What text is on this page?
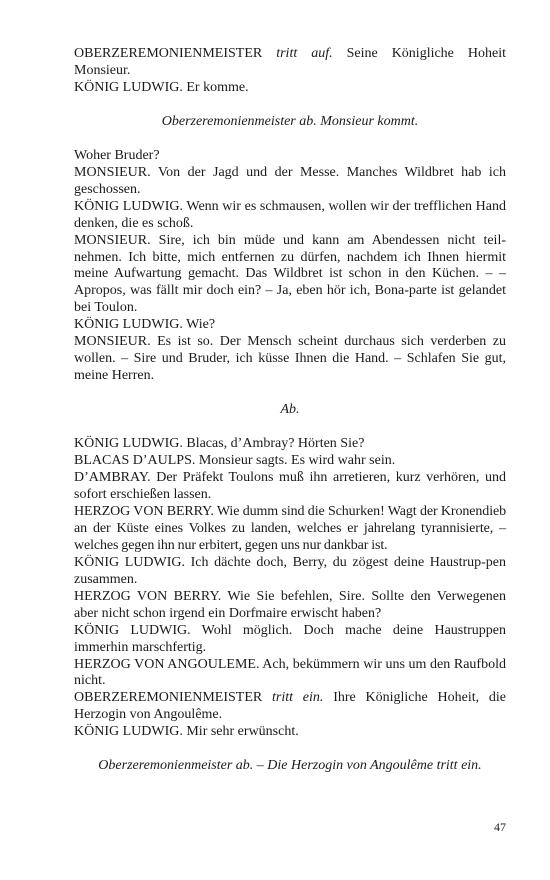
OBERZEREMONIENMEISTER tritt auf. Seine Königliche Hoheit Monsieur.

KÖNIG LUDWIG. Er komme.

Oberzeremonienmeister ab. Monsieur kommt.

Woher Bruder?

MONSIEUR. Von der Jagd und der Messe. Manches Wildbret hab ich geschossen.

KÖNIG LUDWIG. Wenn wir es schmausen, wollen wir der trefflichen Hand denken, die es schoß.

MONSIEUR. Sire, ich bin müde und kann am Abendessen nicht teil-nehmen. Ich bitte, mich entfernen zu dürfen, nachdem ich Ihnen hiermit meine Aufwartung gemacht. Das Wildbret ist schon in den Küchen. – – Apropos, was fällt mir doch ein? – Ja, eben hör ich, Bona-parte ist gelandet bei Toulon.

KÖNIG LUDWIG. Wie?

MONSIEUR. Es ist so. Der Mensch scheint durchaus sich verderben zu wollen. – Sire und Bruder, ich küsse Ihnen die Hand. – Schlafen Sie gut, meine Herren.

Ab.

KÖNIG LUDWIG. Blacas, d’Ambray? Hörten Sie?

BLACAS D’AULPS. Monsieur sagts. Es wird wahr sein.

D’AMBRAY. Der Präfekt Toulons muß ihn arretieren, kurz verhören, und sofort erschießen lassen.

HERZOG VON BERRY. Wie dumm sind die Schurken! Wagt der Kronendieb an der Küste eines Volkes zu landen, welches er jahrelang tyrannisierte, – welches gegen ihn nur erbitert, gegen uns nur dankbar ist.

KÖNIG LUDWIG. Ich dächte doch, Berry, du zögest deine Haustrup-pen zusammen.

HERZOG VON BERRY. Wie Sie befehlen, Sire. Sollte den Verwegenen aber nicht schon irgend ein Dorfmaire erwischt haben?

KÖNIG LUDWIG. Wohl möglich. Doch mache deine Haustruppen immerhin marschfertig.

HERZOG VON ANGOULEME. Ach, bekümmern wir uns um den Raufbold nicht.

OBERZEREMONIENMEISTER tritt ein. Ihre Königliche Hoheit, die Herzogin von Angoulême.

KÖNIG LUDWIG. Mir sehr erwünscht.

Oberzeremonienmeister ab. – Die Herzogin von Angoulême tritt ein.

47
